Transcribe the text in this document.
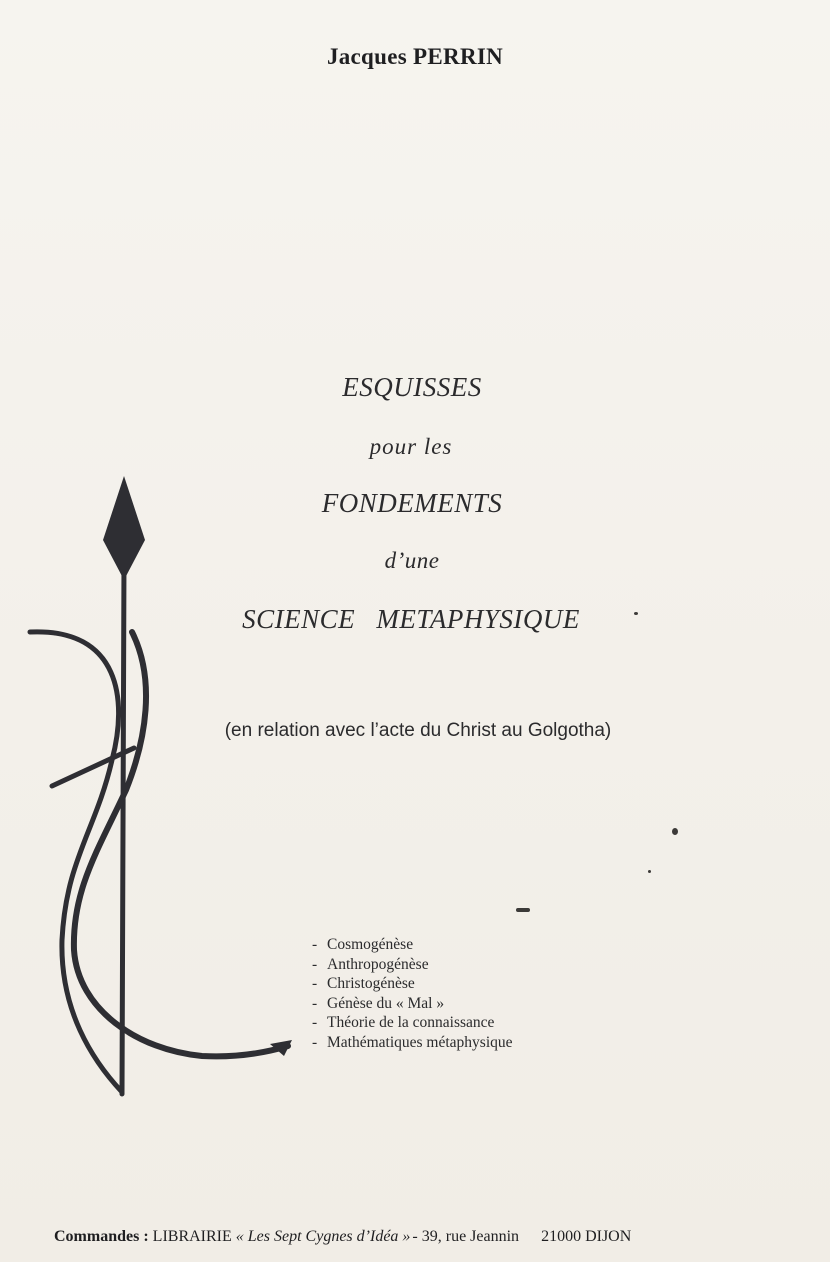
Jacques PERRIN
ESQUISSES
pour les
FONDEMENTS
d’une
SCIENCE METAPHYSIQUE
(en relation avec l’acte du Christ au Golgotha)
- Cosmogénèse
- Anthropogénèse
- Christogénèse
- Génèse du « Mal »
- Théorie de la connaissance
- Mathématiques métaphysique
Commandes : LIBRAIRIE « Les Sept Cygnes d’Idéa » - 39, rue Jeannin 21000 DIJON
